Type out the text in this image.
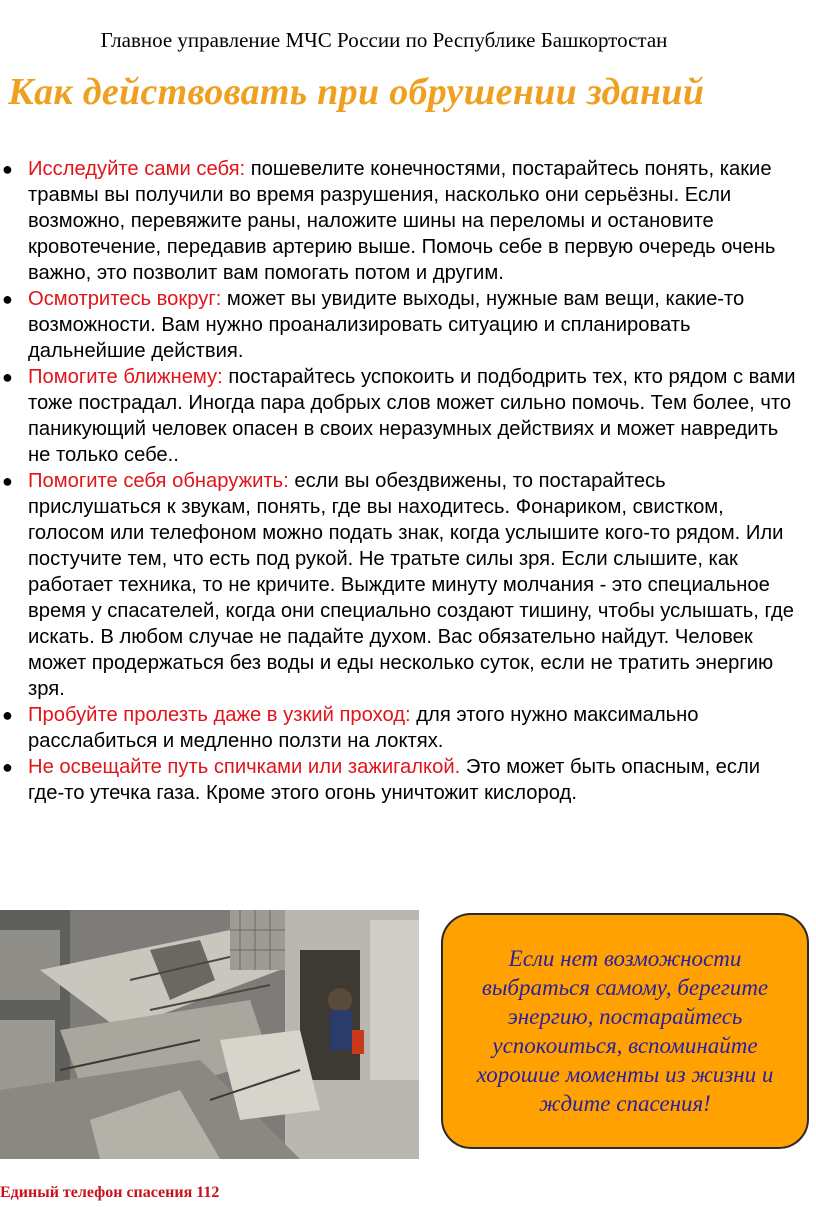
Главное управление МЧС России по Республике Башкортостан
Как действовать при обрушении зданий
● Исследуйте сами себя: пошевелите конечностями, постарайтесь понять, какие травмы вы получили во время разрушения, насколько они серьёзны. Если возможно, перевяжите раны, наложите шины на переломы и остановите кровотечение, передавив артерию выше. Помочь себе в первую очередь очень важно, это позволит вам помогать потом и другим.
● Осмотритесь вокруг: может вы увидите выходы, нужные вам вещи, какие-то возможности. Вам нужно проанализировать ситуацию и спланировать дальнейшие действия.
● Помогите ближнему: постарайтесь успокоить и подбодрить тех, кто рядом с вами тоже пострадал. Иногда пара добрых слов может сильно помочь. Тем более, что паникующий человек опасен в своих неразумных действиях и может навредить не только себе..
● Помогите себя обнаружить: если вы обездвижены, то постарайтесь прислушаться к звукам, понять, где вы находитесь. Фонариком, свистком, голосом или телефоном можно подать знак, когда услышите кого-то рядом. Или постучите тем, что есть под рукой. Не тратьте силы зря. Если слышите, как работает техника, то не кричите. Выждите минуту молчания - это специальное время у спасателей, когда они специально создают тишину, чтобы услышать, где искать. В любом случае не падайте духом. Вас обязательно найдут. Человек может продержаться без воды и еды несколько суток, если не тратить энергию зря.
● Пробуйте пролезть даже в узкий проход: для этого нужно максимально расслабиться и медленно ползти на локтях.
● Не освещайте путь спичками или зажигалкой. Это может быть опасным, если где-то утечка газа. Кроме этого огонь уничтожит кислород.
Если нет возможности выбраться самому, берегите энергию, постарайтесь успокоиться, вспоминайте хорошие моменты из жизни и ждите спасения!
Единый телефон спасения 112
